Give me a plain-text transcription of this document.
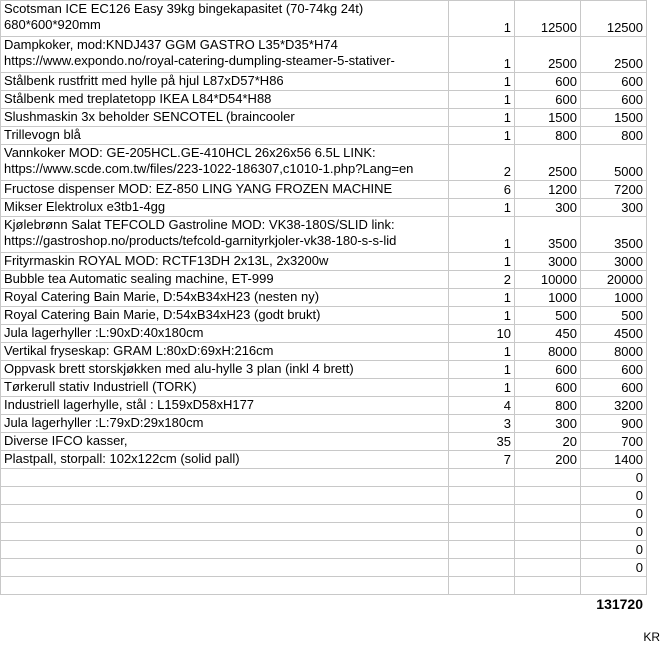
Scotsman ICE EC126 Easy 39kg bingekapasitet (70-74kg 24t)
680*600*920mm	1	12500	12500

Dampkoker, mod:KNDJ437 GGM GASTRO L35*D35*H74
https://www.expondo.no/royal-catering-dumpling-steamer-5-stativer-	1	2500	2500

Stålbenk rustfritt med hylle på hjul L87xD57*H86	1	600	600

Stålbenk med treplatetopp IKEA L84*D54*H88	1	600	600

Slushmaskin 3x beholder SENCOTEL (braincooler	1	1500	1500

Trillevogn blå	1	800	800

Vannkoker MOD: GE-205HCL.GE-410HCL 26x26x56 6.5L LINK:
https://www.scde.com.tw/files/223-1022-186307,c1010-1.php?Lang=en	2	2500	5000

Fructose dispenser MOD: EZ-850 LING YANG FROZEN MACHINE	6	1200	7200

Mikser Elektrolux e3tb1-4gg	1	300	300

Kjølebrønn Salat TEFCOLD Gastroline MOD: VK38-180S/SLID link:
https://gastroshop.no/products/tefcold-garnityrkjoler-vk38-180-s-s-lid	1	3500	3500

Frityrmaskin ROYAL MOD: RCTF13DH 2x13L, 2x3200w	1	3000	3000

Bubble tea Automatic sealing machine, ET-999	2	10000	20000

Royal Catering Bain Marie, D:54xB34xH23 (nesten ny)	1	1000	1000

Royal Catering Bain Marie, D:54xB34xH23 (godt brukt)	1	500	500

Jula lagerhyller :L:90xD:40x180cm	10	450	4500

Vertikal fryseskap: GRAM L:80xD:69xH:216cm	1	8000	8000

Oppvask brett storskjøkken med alu-hylle 3 plan (inkl 4 brett)	1	600	600

Tørkerull stativ Industriell (TORK)	1	600	600

Industriell lagerhylle, stål : L159xD58xH177	4	800	3200

Jula lagerhyller :L:79xD:29x180cm	3	300	900

Diverse IFCO kasser,	35	20	700

Plastpall, storpall: 102x122cm (solid pall)	7	200	1400

			0

			0

			0

			0

			0

			0

			131720
KR
